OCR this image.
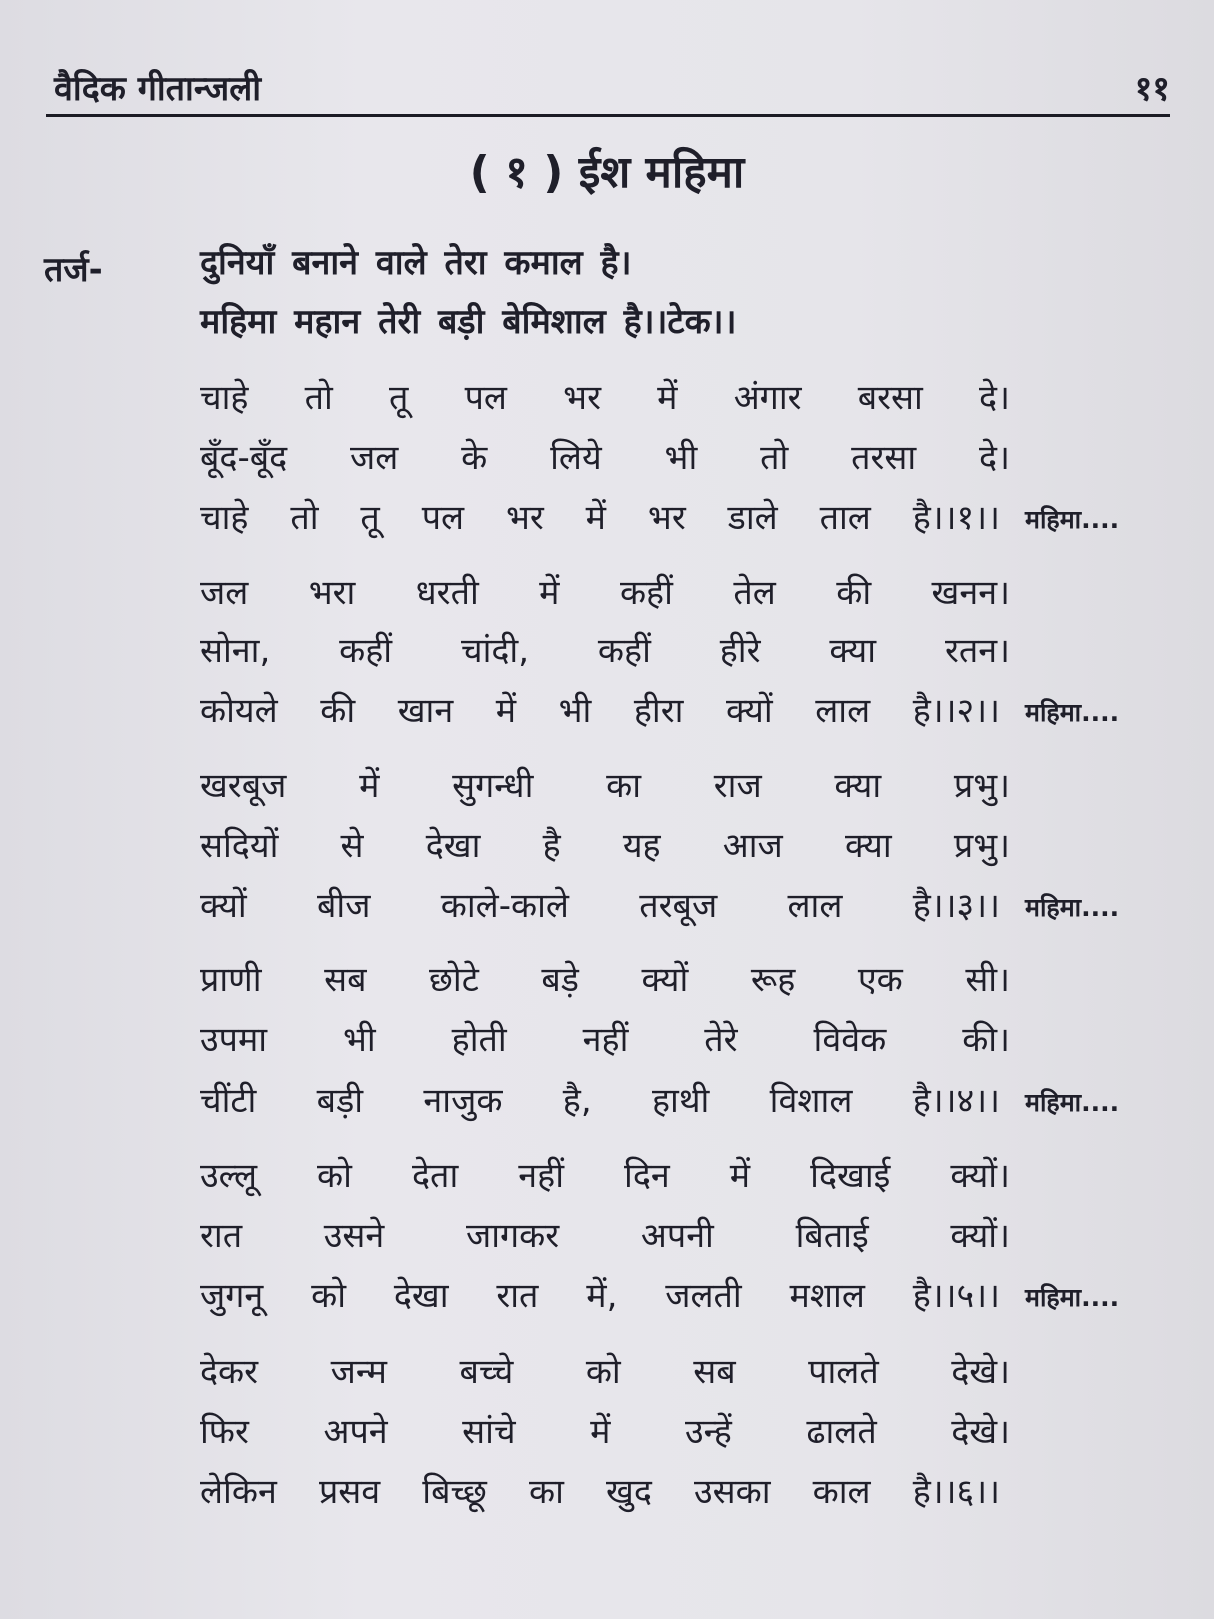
वैदिक गीतान्जली	११
( १ ) ईश महिमा
तर्ज-	दुनियाँ बनाने वाले तेरा कमाल है।
महिमा महान तेरी बड़ी बेमिशाल है।।टेक।।
चाहे तो तू पल भर में अंगार बरसा दे।
बूँद-बूँद जल के लिये भी तो तरसा दे।
चाहे तो तू पल भर में भर डाले ताल है।।१।। महिमा....
जल भरा धरती में कहीं तेल की खनन।
सोना, कहीं चांदी, कहीं हीरे क्या रतन।
कोयले की खान में भी हीरा क्यों लाल है।।२।। महिमा....
खरबूज में सुगन्धी का राज क्या प्रभु।
सदियों से देखा है यह आज क्या प्रभु।
क्यों बीज काले-काले तरबूज लाल है।।३।। महिमा....
प्राणी सब छोटे बड़े क्यों रूह एक सी।
उपमा भी होती नहीं तेरे विवेक की।
चींटी बड़ी नाजुक है, हाथी विशाल है।।४।। महिमा....
उल्लू को देता नहीं दिन में दिखाई क्यों।
रात उसने जागकर अपनी बिताई क्यों।
जुगनू को देखा रात में, जलती मशाल है।।५।। महिमा....
देकर जन्म बच्चे को सब पालते देखे।
फिर अपने सांचे में उन्हें ढालते देखे।
लेकिन प्रसव बिच्छू का खुद उसका काल है।।६।।
